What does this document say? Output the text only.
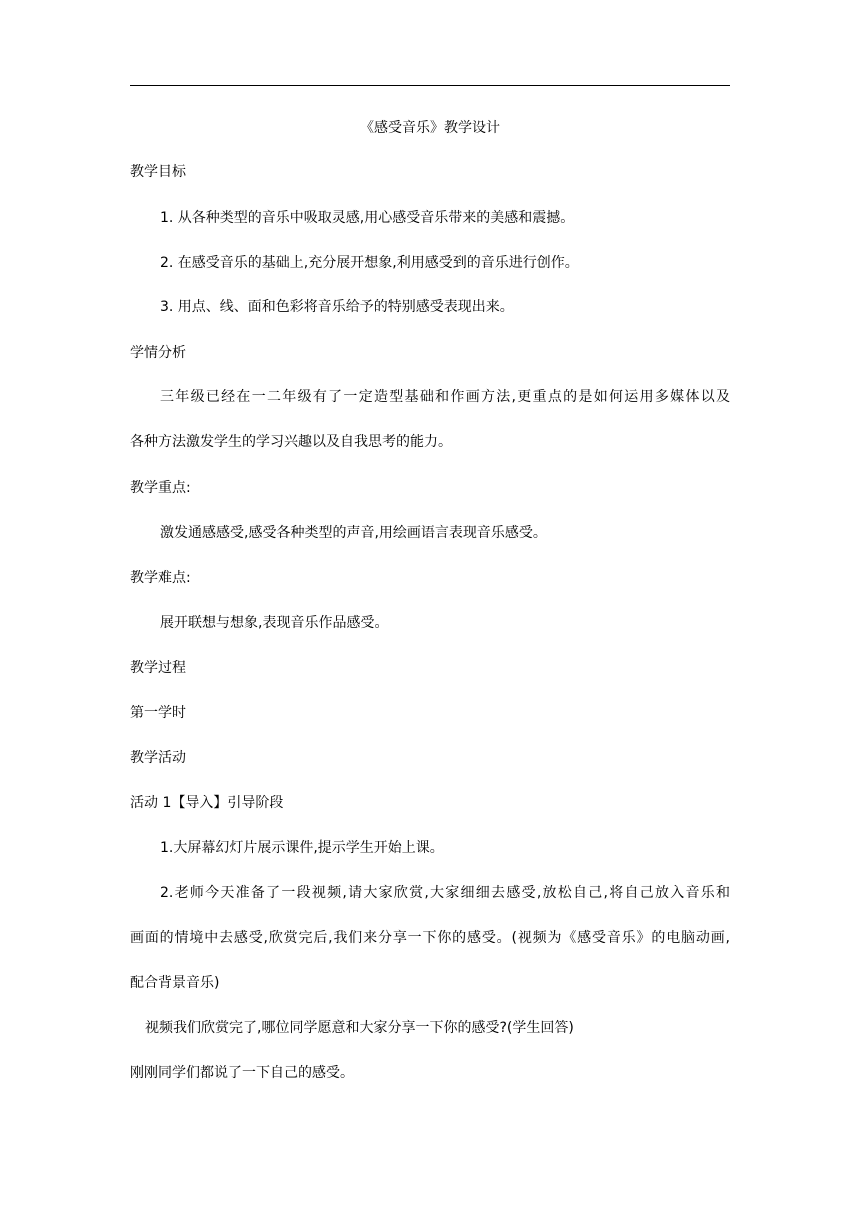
《感受音乐》教学设计
教学目标
1. 从各种类型的音乐中吸取灵感,用心感受音乐带来的美感和震撼。
2. 在感受音乐的基础上,充分展开想象,利用感受到的音乐进行创作。
3. 用点、线、面和色彩将音乐给予的特别感受表现出来。
学情分析
三年级已经在一二年级有了一定造型基础和作画方法,更重点的是如何运用多媒体以及
各种方法激发学生的学习兴趣以及自我思考的能力。
教学重点:
激发通感感受,感受各种类型的声音,用绘画语言表现音乐感受。
教学难点:
展开联想与想象,表现音乐作品感受。
教学过程
第一学时
教学活动
活动 1【导入】引导阶段
1.大屏幕幻灯片展示课件,提示学生开始上课。
2.老师今天准备了一段视频,请大家欣赏,大家细细去感受,放松自己,将自己放入音乐和
画面的情境中去感受,欣赏完后,我们来分享一下你的感受。(视频为《感受音乐》的电脑动画,
配合背景音乐)
视频我们欣赏完了,哪位同学愿意和大家分享一下你的感受?(学生回答)
刚刚同学们都说了一下自己的感受。
